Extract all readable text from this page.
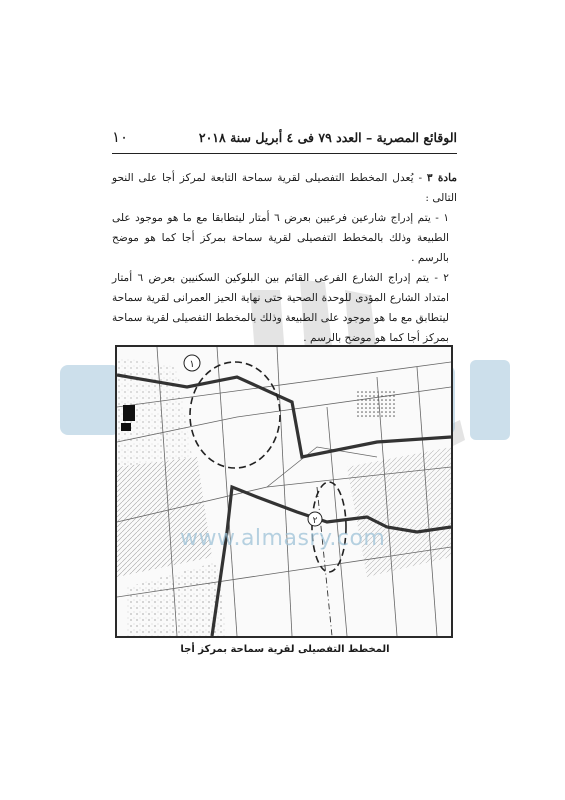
الوقائع المصرية – العدد ٧٩ فى ٤ أبريل سنة ٢٠١٨
١٠

مادة ٣ - يُعدل المخطط التفصيلى لقرية سماحة التابعة لمركز أجا على النحو التالى :

١ - يتم إدراج شارعين فرعيين بعرض ٦ أمتار ليتطابقا مع ما هو موجود على الطبيعة وذلك بالمخطط التفصيلى لقرية سماحة بمركز أجا كما هو موضح بالرسم .

٢ - يتم إدراج الشارع الفرعى القائم بين البلوكين السكنيين بعرض ٦ أمتار امتداد الشارع المؤدى للوحدة الصحية حتى نهاية الحيز العمرانى لقرية سماحة ليتطابق مع ما هو موجود على الطبيعة وذلك بالمخطط التفصيلى لقرية سماحة بمركز أجا كما هو موضح بالرسم .

١
٢
www.almasry.com
المخطط التفصيلى لقرية سماحة بمركز أجا
